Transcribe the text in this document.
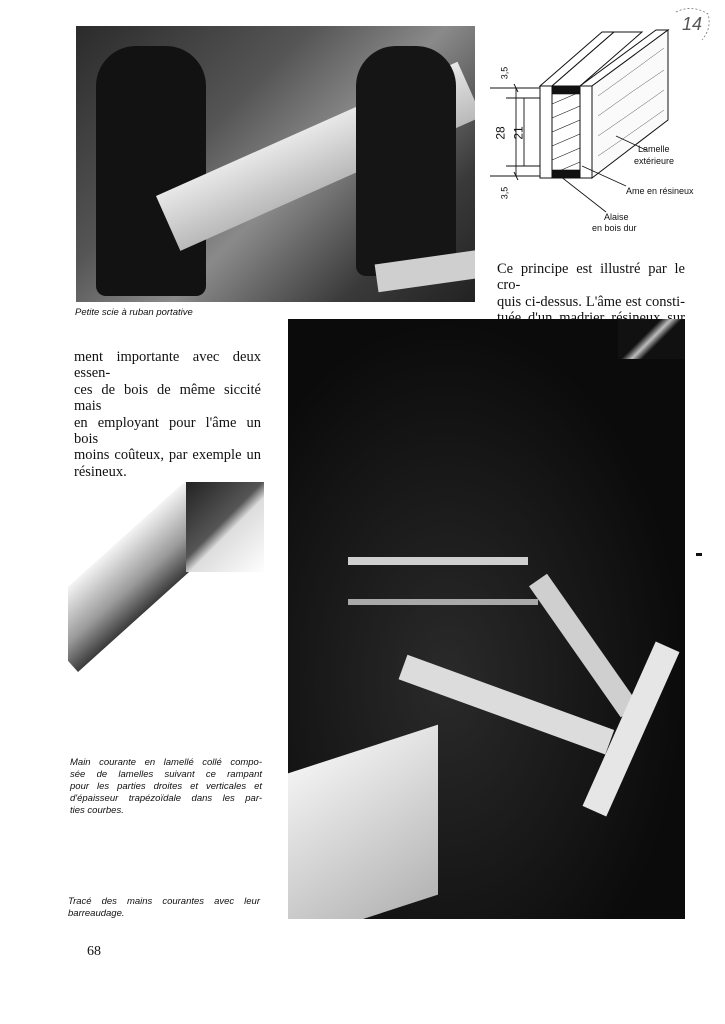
14
Petite scie à ruban portative
3,5
28 21
3,5
Lamelle
extérieure
Ame en résineux
Alaise
en bois dur
Ce principe est illustré par le cro-
quis ci-dessus. L'âme est consti-
ment importante avec deux essen-
ces de bois de même siccité mais
en employant pour l'âme un bois
moins coûteux, par exemple un
résineux.
Main courante en lamellé collé compo-
sée de lamelles suivant ce rampant
pour les parties droites et verticales et
d'épaisseur trapézoïdale dans les par-
ties courbes.
Tracé des mains courantes avec leur
barreaudage.
68
